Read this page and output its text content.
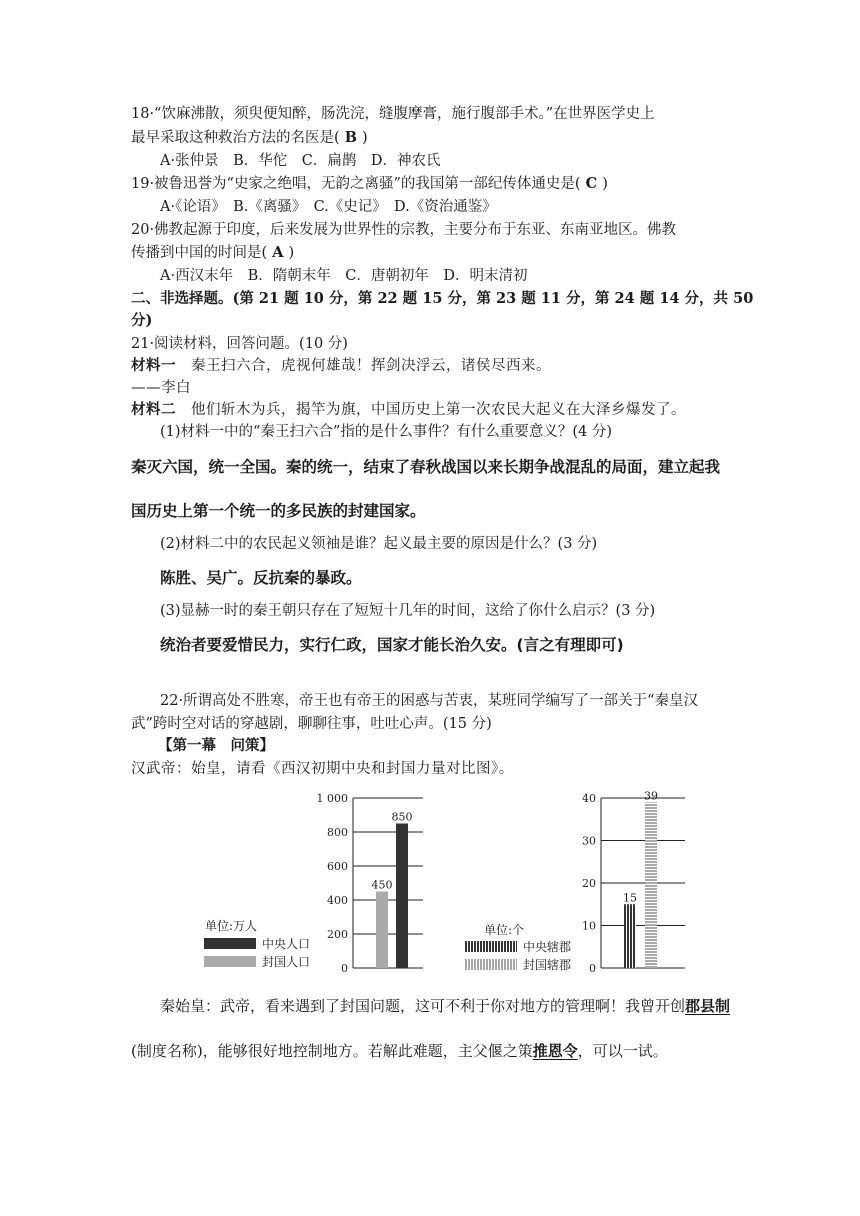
18·“饮麻沸散，须臾便知醉，肠洗浣，缝腹摩膏，施行腹部手术。”在世界医学史上
最早采取这种救治方法的名医是( B )
A·张仲景　B．华佗　C．扁鹊　D．神农氏
19·被鲁迅誉为“史家之绝唱，无韵之离骚”的我国第一部纪传体通史是( C )
A·《论语》　B.《离骚》　C.《史记》　D.《资治通鉴》
20·佛教起源于印度，后来发展为世界性的宗教，主要分布于东亚、东南亚地区。佛教
传播到中国的时间是( A )
A·西汉末年　B．隋朝末年　C．唐朝初年　D．明末清初
二、非选择题。(第 21 题 10 分，第 22 题 15 分，第 23 题 11 分，第 24 题 14 分，共 50
分)
21·阅读材料，回答问题。(10 分)
材料一　秦王扫六合，虎视何雄哉！挥剑决浮云，诸侯尽西来。
——李白
材料二　他们斩木为兵，揭竿为旗，中国历史上第一次农民大起义在大泽乡爆发了。
(1)材料一中的“秦王扫六合”指的是什么事件？有什么重要意义？(4 分)
秦灭六国，统一全国。秦的统一，结束了春秋战国以来长期争战混乱的局面，建立起我
国历史上第一个统一的多民族的封建国家。
(2)材料二中的农民起义领袖是谁？起义最主要的原因是什么？(3 分)
陈胜、吴广。反抗秦的暴政。
(3)显赫一时的秦王朝只存在了短短十几年的时间，这给了你什么启示？(3 分)
统治者要爱惜民力，实行仁政，国家才能长治久安。(言之有理即可)
22·所谓高处不胜寒，帝王也有帝王的困惑与苦衷，某班同学编写了一部关于“秦皇汉
武”跨时空对话的穿越剧，聊聊往事，吐吐心声。(15 分)
【第一幕　问策】
汉武帝：始皇，请看《西汉初期中央和封国力量对比图》。
0
200
400
600
800
1 000
450
850
0
10
20
30
40
15
39
单位:万人
中央人口
封国人口
单位:个
中央辖郡
封国辖郡
秦始皇：武帝，看来遇到了封国问题，这可不利于你对地方的管理啊！我曾开创郡县制
(制度名称)，能够很好地控制地方。若解此难题，主父偃之策推恩令，可以一试。
